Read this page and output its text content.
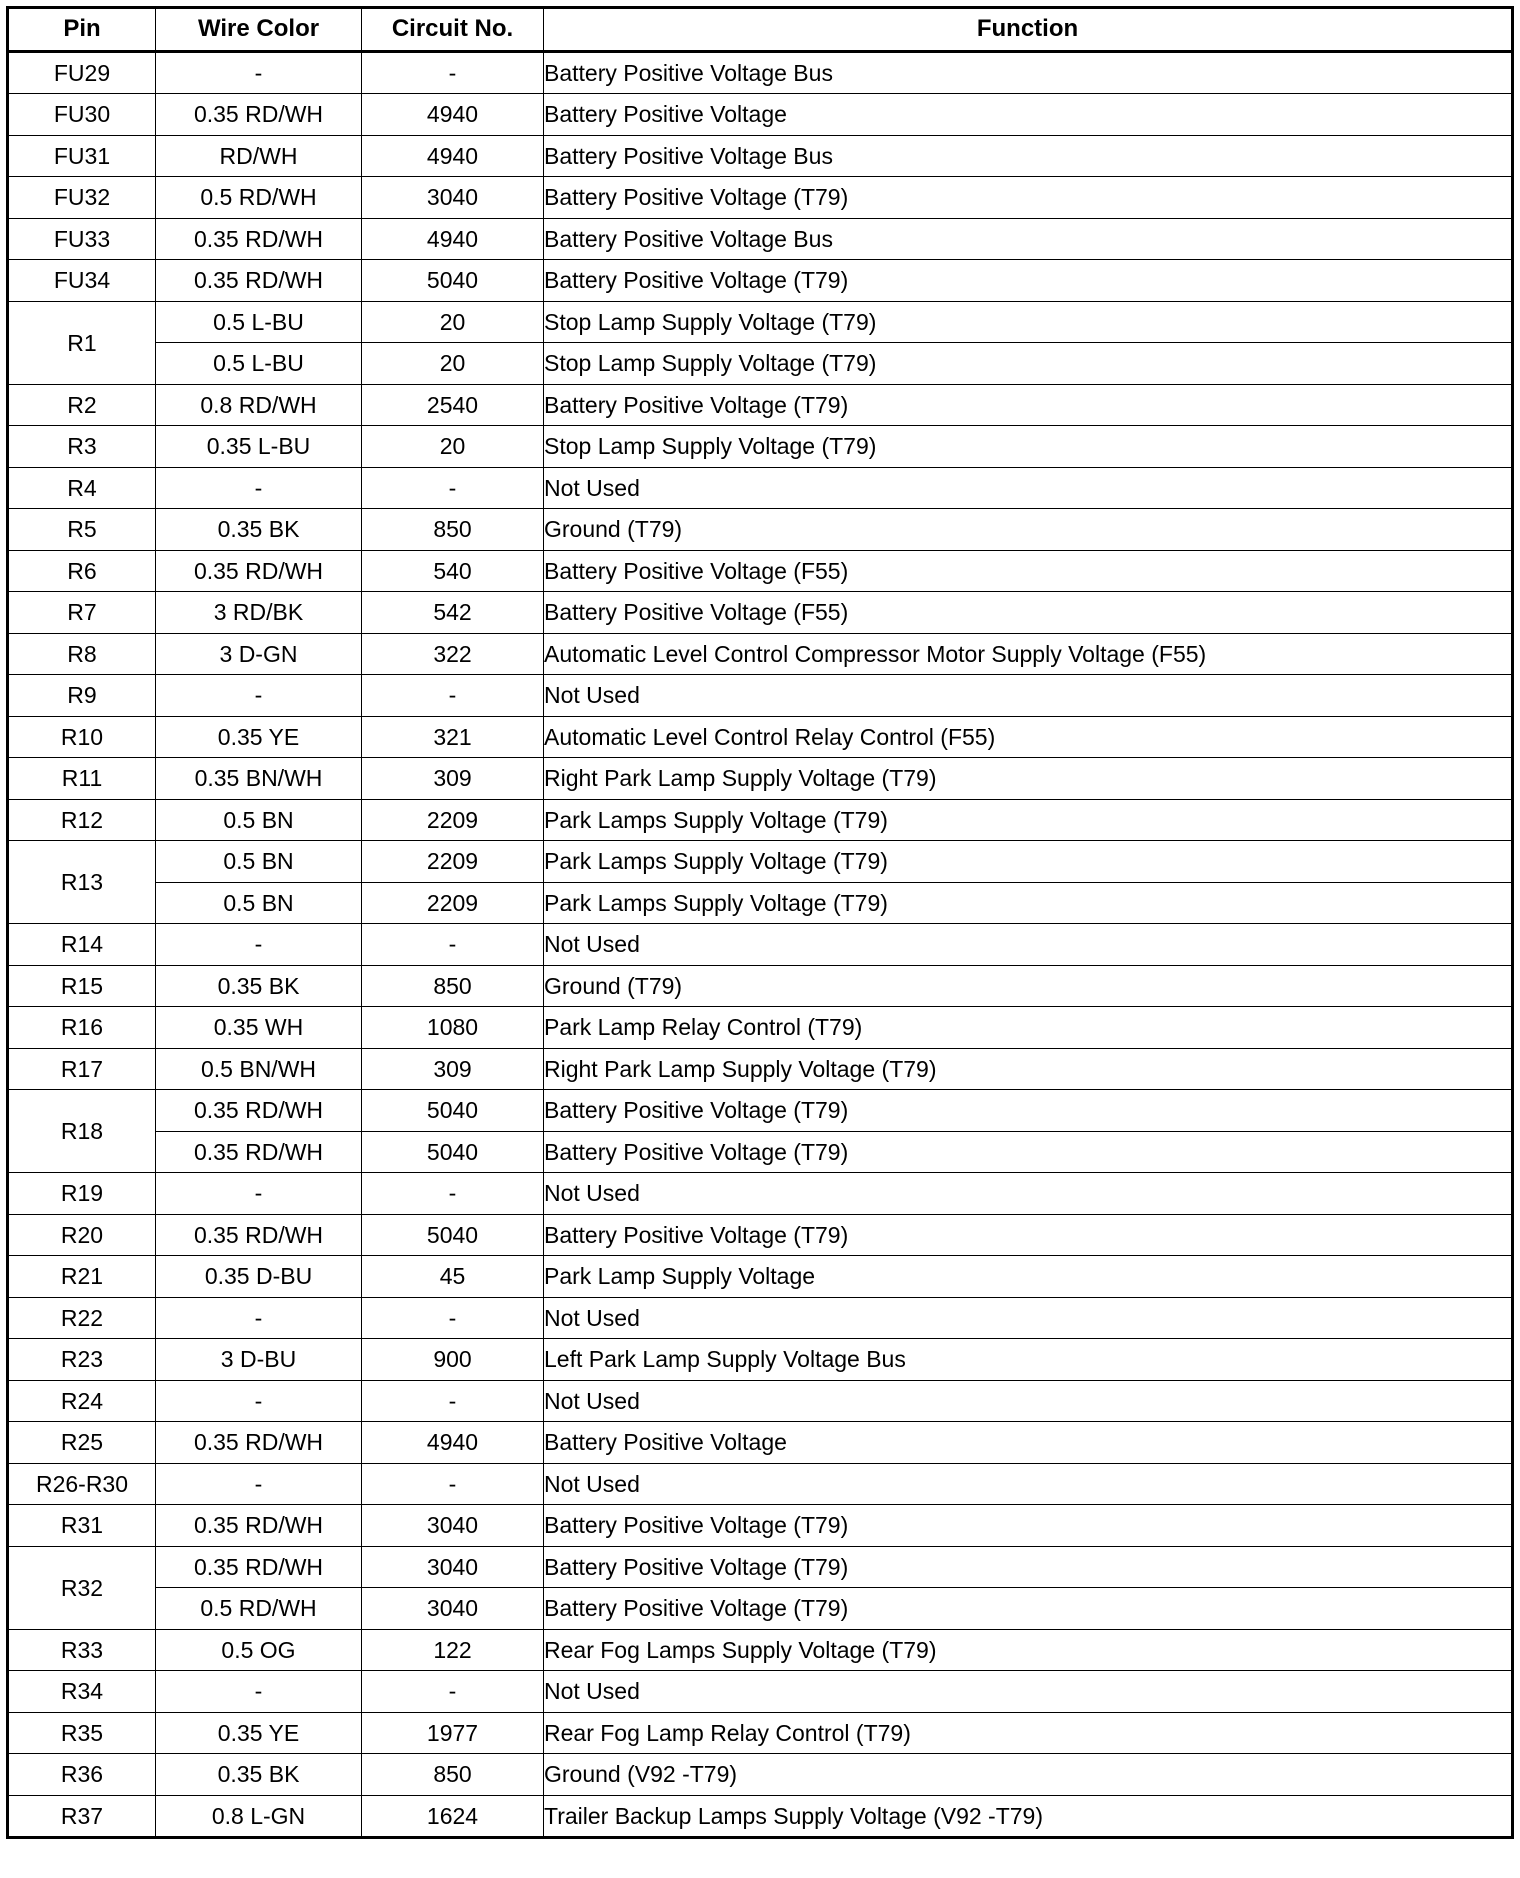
Pin	Wire Color	Circuit No.	Function
FU29	-	-	Battery Positive Voltage Bus
FU30	0.35 RD/WH	4940	Battery Positive Voltage
FU31	RD/WH	4940	Battery Positive Voltage Bus
FU32	0.5 RD/WH	3040	Battery Positive Voltage (T79)
FU33	0.35 RD/WH	4940	Battery Positive Voltage Bus
FU34	0.35 RD/WH	5040	Battery Positive Voltage (T79)
R1	0.5 L-BU	20	Stop Lamp Supply Voltage (T79)
	0.5 L-BU	20	Stop Lamp Supply Voltage (T79)
R2	0.8 RD/WH	2540	Battery Positive Voltage (T79)
R3	0.35 L-BU	20	Stop Lamp Supply Voltage (T79)
R4	-	-	Not Used
R5	0.35 BK	850	Ground (T79)
R6	0.35 RD/WH	540	Battery Positive Voltage (F55)
R7	3 RD/BK	542	Battery Positive Voltage (F55)
R8	3 D-GN	322	Automatic Level Control Compressor Motor Supply Voltage (F55)
R9	-	-	Not Used
R10	0.35 YE	321	Automatic Level Control Relay Control (F55)
R11	0.35 BN/WH	309	Right Park Lamp Supply Voltage (T79)
R12	0.5 BN	2209	Park Lamps Supply Voltage (T79)
R13	0.5 BN	2209	Park Lamps Supply Voltage (T79)
	0.5 BN	2209	Park Lamps Supply Voltage (T79)
R14	-	-	Not Used
R15	0.35 BK	850	Ground (T79)
R16	0.35 WH	1080	Park Lamp Relay Control (T79)
R17	0.5 BN/WH	309	Right Park Lamp Supply Voltage (T79)
R18	0.35 RD/WH	5040	Battery Positive Voltage (T79)
	0.35 RD/WH	5040	Battery Positive Voltage (T79)
R19	-	-	Not Used
R20	0.35 RD/WH	5040	Battery Positive Voltage (T79)
R21	0.35 D-BU	45	Park Lamp Supply Voltage
R22	-	-	Not Used
R23	3 D-BU	900	Left Park Lamp Supply Voltage Bus
R24	-	-	Not Used
R25	0.35 RD/WH	4940	Battery Positive Voltage
R26-R30	-	-	Not Used
R31	0.35 RD/WH	3040	Battery Positive Voltage (T79)
R32	0.35 RD/WH	3040	Battery Positive Voltage (T79)
	0.5 RD/WH	3040	Battery Positive Voltage (T79)
R33	0.5 OG	122	Rear Fog Lamps Supply Voltage (T79)
R34	-	-	Not Used
R35	0.35 YE	1977	Rear Fog Lamp Relay Control (T79)
R36	0.35 BK	850	Ground (V92 -T79)
R37	0.8 L-GN	1624	Trailer Backup Lamps Supply Voltage (V92 -T79)
